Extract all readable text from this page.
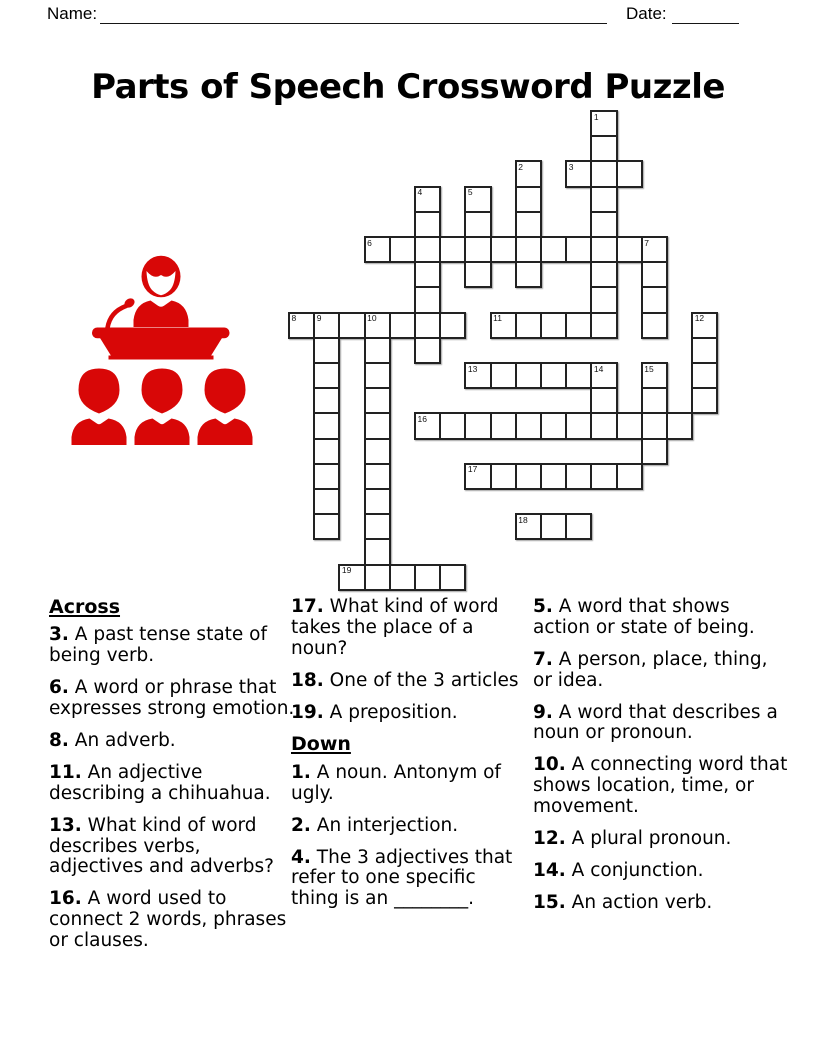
Name:	Date:
Parts of Speech Crossword Puzzle
1
2	3
4	5
6	7
8 9	10	11	12
13	14	15
16
17
18
19
Across

3. A past tense state of being verb.

6. A word or phrase that expresses strong emotion.

8. An adverb.

11. An adjective describing a chihuahua.

13. What kind of word describes verbs, adjectives and adverbs?

16. A word used to connect 2 words, phrases or clauses.

17. What kind of word takes the place of a noun?

18. One of the 3 articles

19. A preposition.

Down

1. A noun. Antonym of ugly.

2. An interjection.

4. The 3 adjectives that refer to one specific thing is an ________.

5. A word that shows action or state of being.

7. A person, place, thing, or idea.

9. A word that describes a noun or pronoun.

10. A connecting word that shows location, time, or movement.

12. A plural pronoun.

14. A conjunction.

15. An action verb.
